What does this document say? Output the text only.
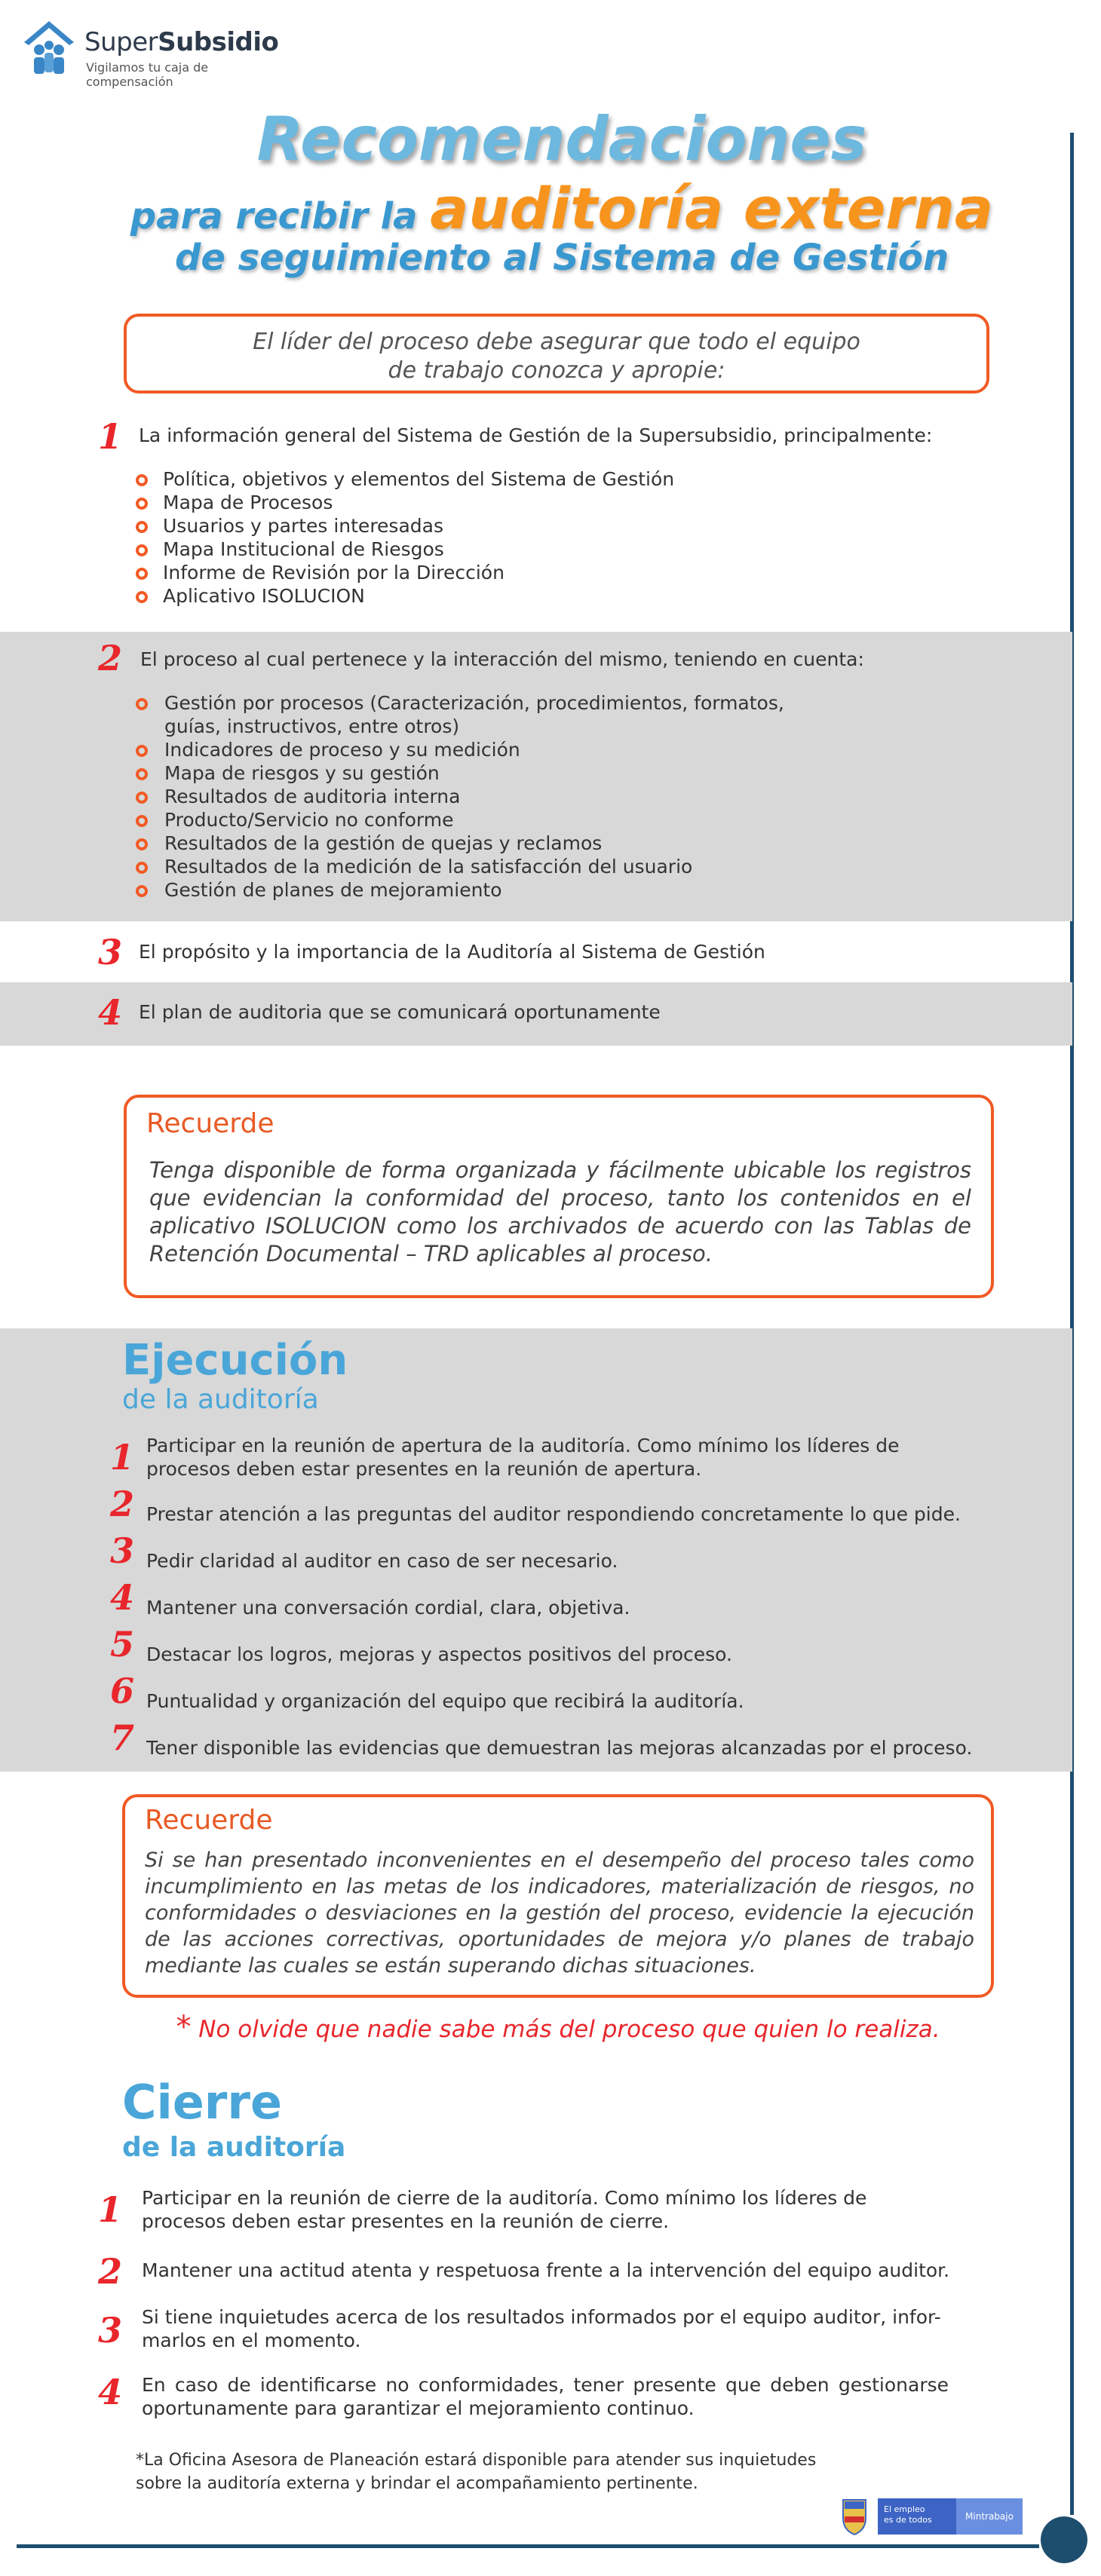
SuperSubsidio
Vigilamos tu caja de compensación
Recomendaciones
para recibir la auditoría externa
de seguimiento al Sistema de Gestión
El líder del proceso debe asegurar que todo el equipo
de trabajo conozca y apropie:
1 La información general del Sistema de Gestión de la Supersubsidio, principalmente:
Política, objetivos y elementos del Sistema de Gestión
Mapa de Procesos
Usuarios y partes interesadas
Mapa Institucional de Riesgos
Informe de Revisión por la Dirección
Aplicativo ISOLUCION
2 El proceso al cual pertenece y la interacción del mismo, teniendo en cuenta:
Gestión por procesos (Caracterización, procedimientos, formatos, guías, instructivos, entre otros)
Indicadores de proceso y su medición
Mapa de riesgos y su gestión
Resultados de auditoria interna
Producto/Servicio no conforme
Resultados de la gestión de quejas y reclamos
Resultados de la medición de la satisfacción del usuario
Gestión de planes de mejoramiento
3 El propósito y la importancia de la Auditoría al Sistema de Gestión
4 El plan de auditoria que se comunicará oportunamente
Recuerde
Tenga disponible de forma organizada y fácilmente ubicable los registros que evidencian la conformidad del proceso, tanto los contenidos en el aplicativo ISOLUCION como los archivados de acuerdo con las Tablas de Retención Documental – TRD aplicables al proceso.
Ejecución
de la auditoría
1 Participar en la reunión de apertura de la auditoría. Como mínimo los líderes de procesos deben estar presentes en la reunión de apertura.
2 Prestar atención a las preguntas del auditor respondiendo concretamente lo que pide.
3 Pedir claridad al auditor en caso de ser necesario.
4 Mantener una conversación cordial, clara, objetiva.
5 Destacar los logros, mejoras y aspectos positivos del proceso.
6 Puntualidad y organización del equipo que recibirá la auditoría.
7 Tener disponible las evidencias que demuestran las mejoras alcanzadas por el proceso.
Recuerde
Si se han presentado inconvenientes en el desempeño del proceso tales como incumplimiento en las metas de los indicadores, materialización de riesgos, no conformidades o desviaciones en la gestión del proceso, evidencie la ejecución de las acciones correctivas, oportunidades de mejora y/o planes de trabajo mediante las cuales se están superando dichas situaciones.
* No olvide que nadie sabe más del proceso que quien lo realiza.
Cierre
de la auditoría
1 Participar en la reunión de cierre de la auditoría. Como mínimo los líderes de procesos deben estar presentes en la reunión de cierre.
2 Mantener una actitud atenta y respetuosa frente a la intervención del equipo auditor.
3 Si tiene inquietudes acerca de los resultados informados por el equipo auditor, infor-marlos en el momento.
4 En caso de identificarse no conformidades, tener presente que deben gestionarse oportunamente para garantizar el mejoramiento continuo.
*La Oficina Asesora de Planeación estará disponible para atender sus inquietudes
sobre la auditoría externa y brindar el acompañamiento pertinente.
El empleo
es de todos	Mintrabajo
